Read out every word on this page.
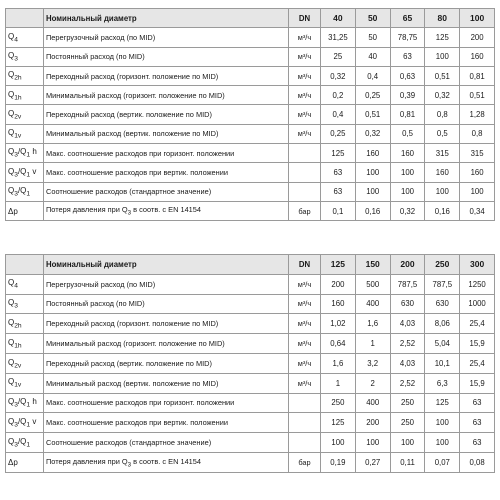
	Номинальный диаметр	DN	40	50	65	80	100
$Q_4$	Перегрузочный расход (по MID)	м³/ч	31,25	50	78,75	125	200
$Q_3$	Постоянный расход (по MID)	м³/ч	25	40	63	100	160
$Q_{2h}$	Переходный расход (горизонт. положение по MID)	м³/ч	0,32	0,4	0,63	0,51	0,81
$Q_{1h}$	Минимальный расход (горизонт. положение по MID)	м³/ч	0,2	0,25	0,39	0,32	0,51
$Q_{2v}$	Переходный расход (вертик. положение по MID)	м³/ч	0,4	0,51	0,81	0,8	1,28
$Q_{1v}$	Минимальный расход (вертик. положение по MID)	м³/ч	0,25	0,32	0,5	0,5	0,8
$Q_3/Q_1$ h	Макс. соотношение расходов при горизонт. положении		125	160	160	315	315
$Q_3/Q_1$ v	Макс. соотношение расходов при вертик. положении		63	100	100	160	160
$Q_3/Q_1$	Соотношение расходов (стандартное значение)		63	100	100	100	100
Δp	Потеря давления при $Q_3$ в соотв. с EN 14154	бар	0,1	0,16	0,32	0,16	0,34
	Номинальный диаметр	DN	125	150	200	250	300
$Q_4$	Перегрузочный расход (по MID)	м³/ч	200	500	787,5	787,5	1250
$Q_3$	Постоянный расход (по MID)	м³/ч	160	400	630	630	1000
$Q_{2h}$	Переходный расход (горизонт. положение по MID)	м³/ч	1,02	1,6	4,03	8,06	25,4
$Q_{1h}$	Минимальный расход (горизонт. положение по MID)	м³/ч	0,64	1	2,52	5,04	15,9
$Q_{2v}$	Переходный расход (вертик. положение по MID)	м³/ч	1,6	3,2	4,03	10,1	25,4
$Q_{1v}$	Минимальный расход (вертик. положение по MID)	м³/ч	1	2	2,52	6,3	15,9
$Q_3/Q_1$ h	Макс. соотношение расходов при горизонт. положении		250	400	250	125	63
$Q_3/Q_1$ v	Макс. соотношение расходов при вертик. положении		125	200	250	100	63
$Q_3/Q_1$	Соотношение расходов (стандартное значение)		100	100	100	100	63
Δp	Потеря давления при $Q_3$ в соотв. с EN 14154	бар	0,19	0,27	0,11	0,07	0,08
